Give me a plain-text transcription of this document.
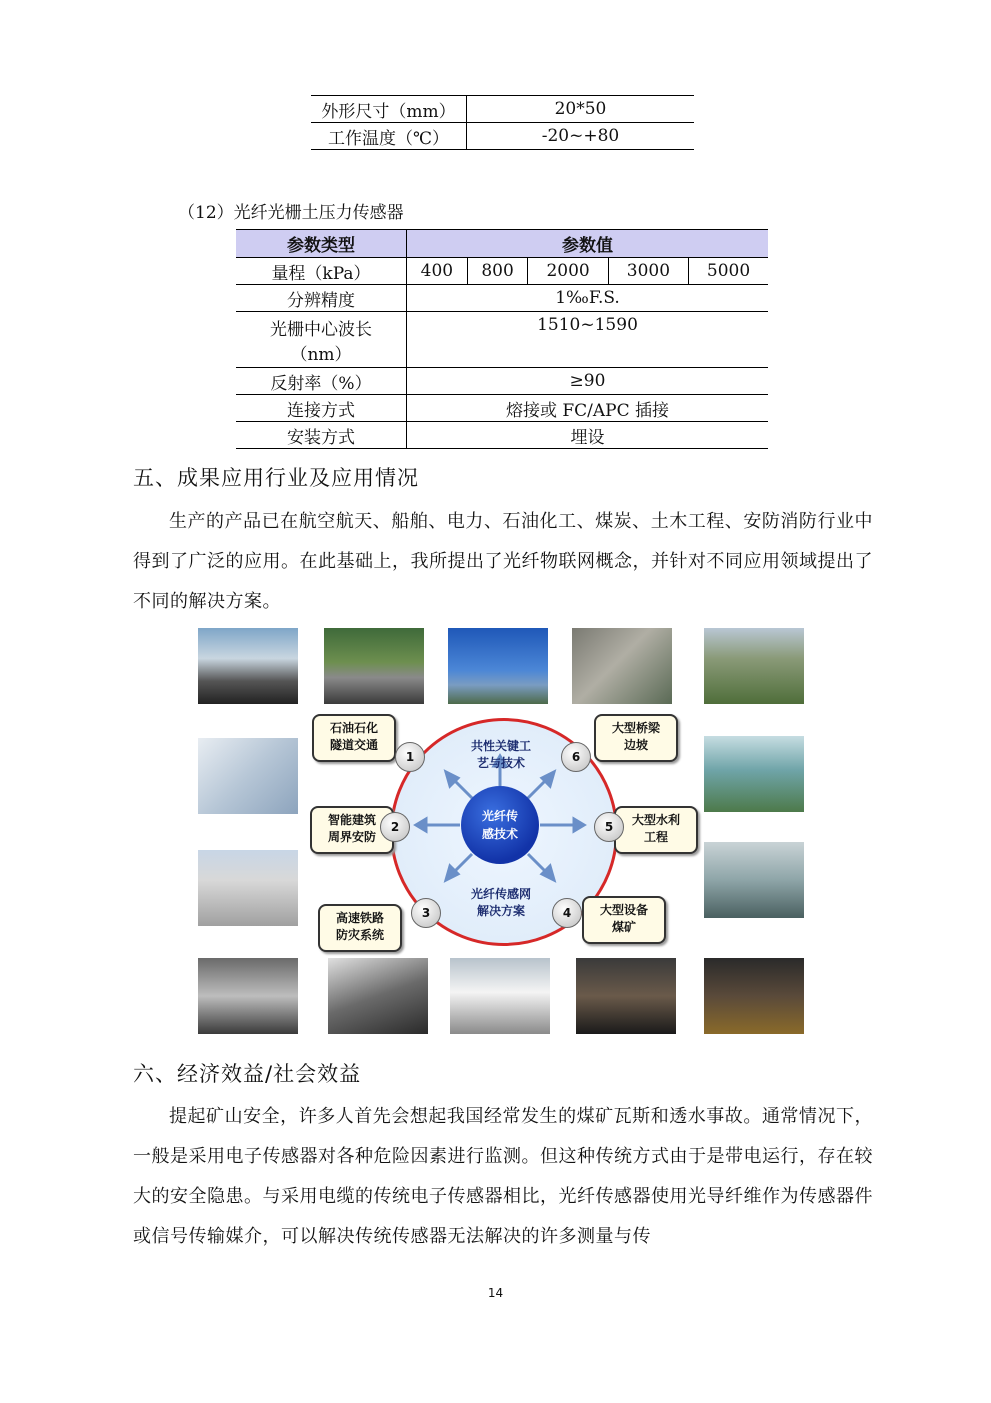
外形尺寸（mm）	20*50
工作温度（℃）	-20~+80
（12）光纤光栅土压力传感器
参数类型	参数值				
量程（kPa）	400	800	2000	3000	5000
分辨精度	1‰F.S.				

光栅中心波长
（nm）	1510~1590				
反射率（%）	≥90				
连接方式	熔接或 FC/APC 插接				
安装方式	埋设				
五、成果应用行业及应用情况

生产的产品已在航空航天、船舶、电力、石油化工、煤炭、土木工程、安防消防行业中得到了广泛的应用。在此基础上，我所提出了光纤物联网概念，并针对不同应用领域提出了不同的解决方案。

光纤传
感技术
共性关键工
艺与技术
光纤传感网
解决方案
石油石化
隧道交通
1
智能建筑
周界安防
2
高速铁路
防灾系统
3	大型设备
煤矿
4
大型水利
工程
5
大型桥梁
边坡
6
六、经济效益/社会效益

提起矿山安全，许多人首先会想起我国经常发生的煤矿瓦斯和透水事故。通常情况下，一般是采用电子传感器对各种危险因素进行监测。但这种传统方式由于是带电运行，存在较大的安全隐患。与采用电缆的传统电子传感器相比，光纤传感器使用光导纤维作为传感器件或信号传输媒介，可以解决传统传感器无法解决的许多测量与传

14
